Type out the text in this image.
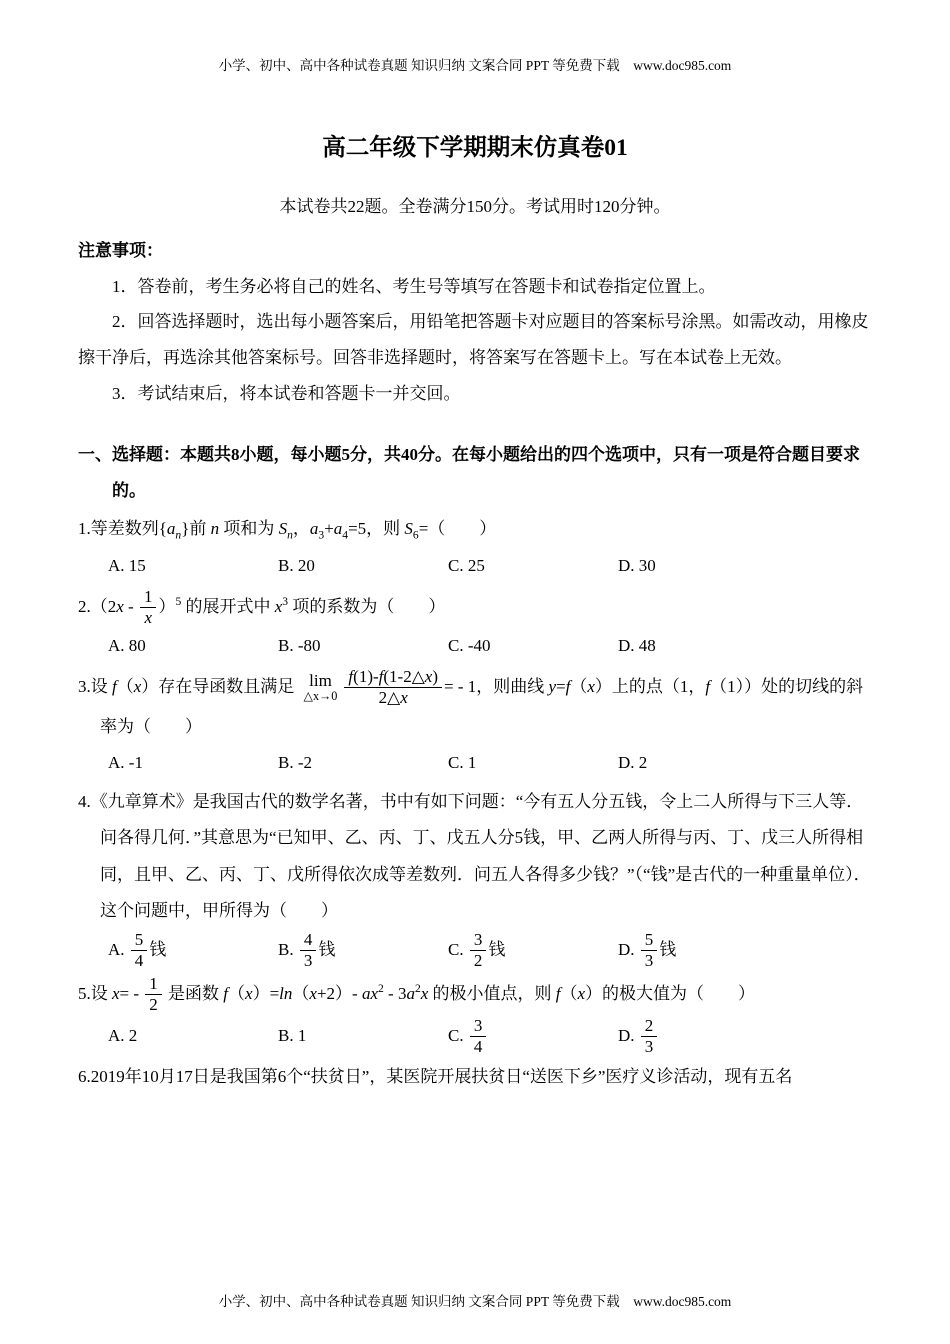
小学、初中、高中各种试卷真题 知识归纳 文案合同 PPT 等免费下载　www.doc985.com
高二年级下学期期末仿真卷01

本试卷共22题。全卷满分150分。考试用时120分钟。

注意事项：

1．答卷前，考生务必将自己的姓名、考生号等填写在答题卡和试卷指定位置上。

2．回答选择题时，选出每小题答案后，用铅笔把答题卡对应题目的答案标号涂黑。如需改动，用橡皮擦干净后，再选涂其他答案标号。回答非选择题时，将答案写在答题卡上。写在本试卷上无效。

3．考试结束后，将本试卷和答题卡一并交回。

一、选择题：本题共8小题，每小题5分，共40分。在每小题给出的四个选项中，只有一项是符合题目要求的。

1.等差数列$\{a_n\}$前 n 项和为 $S_n$，$a_3+a_4=5$，则 $S_6=$（　　）

A. 15	B. 20	C. 25	D. 30

$2.(2x - \frac{1}{x} )^5$ 的展开式中 $x^3$ 项的系数为（　　）

A. 80	B. -80	C. -40	D. 48

3.设 f（x）存在导函数且满足 lim
△x→0 $\frac{f(1)-f(1-2\triangle x)}{2\triangle x}$ = - 1，则曲线 y=f（x）上的点（1，f（1））处的切线的斜率为（　　）

A. -1	B. -2	C. 1	D. 2

4.《九章算术》是我国古代的数学名著，书中有如下问题：“今有五人分五钱，令上二人所得与下三人等．问各得几何．”其意思为“已知甲、乙、丙、丁、戊五人分5钱，甲、乙两人所得与丙、丁、戊三人所得相同，且甲、乙、丙、丁、戊所得依次成等差数列．问五人各得多少钱？”（“钱”是古代的一种重量单位）．这个问题中，甲所得为（　　）

A. $\frac{5}{4}$ 钱	B. $\frac{4}{3}$ 钱	C. $\frac{3}{2}$ 钱	D. $\frac{5}{3}$ 钱

5.设 $x= - \frac{1}{2}$ 是函数 f（x）=ln（x+2）- $ax^2 - 3a^2x$ 的极小值点，则 f（x）的极大值为（　　）

A. 2	B. 1	C. $\frac{3}{4}$	D. $\frac{2}{3}$

6.2019年10月17日是我国第6个“扶贫日”，某医院开展扶贫日“送医下乡”医疗义诊活动，现有五名

小学、初中、高中各种试卷真题 知识归纳 文案合同 PPT 等免费下载　www.doc985.com
